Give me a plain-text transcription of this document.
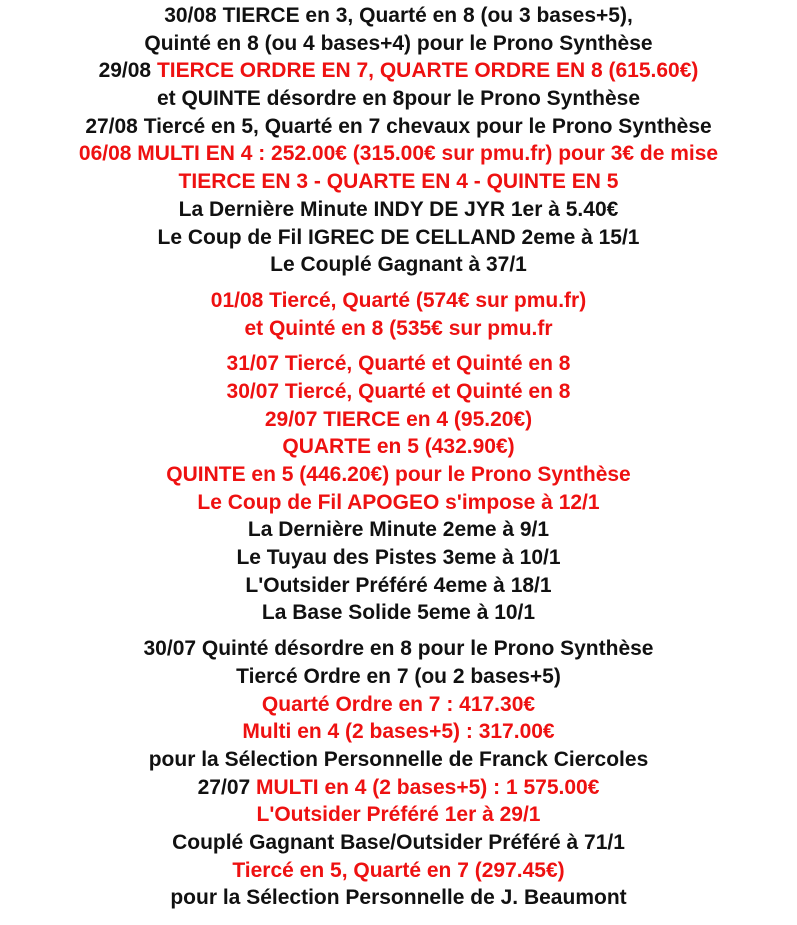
30/08 TIERCE en 3, Quarté en 8 (ou 3 bases+5),
Quinté en 8 (ou 4 bases+4) pour le Prono Synthèse
29/08 TIERCE ORDRE EN 7, QUARTE ORDRE EN 8 (615.60€)
et QUINTE désordre en 8pour le Prono Synthèse
27/08 Tiercé en 5, Quarté en 7 chevaux pour le Prono Synthèse
06/08 MULTI EN 4 : 252.00€ (315.00€ sur pmu.fr) pour 3€ de mise
TIERCE EN 3 - QUARTE EN 4 - QUINTE EN 5
La Dernière Minute INDY DE JYR 1er à 5.40€
Le Coup de Fil IGREC DE CELLAND 2eme à 15/1
Le Couplé Gagnant à 37/1
01/08 Tiercé, Quarté (574€ sur pmu.fr)
et Quinté en 8 (535€ sur pmu.fr
31/07 Tiercé, Quarté et Quinté en 8
30/07 Tiercé, Quarté et Quinté en 8
29/07 TIERCE en 4 (95.20€)
QUARTE en 5 (432.90€)
QUINTE en 5 (446.20€) pour le Prono Synthèse
Le Coup de Fil APOGEO s'impose à 12/1
La Dernière Minute 2eme à 9/1
Le Tuyau des Pistes 3eme à 10/1
L'Outsider Préféré 4eme à 18/1
La Base Solide 5eme à 10/1
30/07 Quinté désordre en 8 pour le Prono Synthèse
Tiercé Ordre en 7 (ou 2 bases+5)
Quarté Ordre en 7 : 417.30€
Multi en 4 (2 bases+5) : 317.00€
pour la Sélection Personnelle de Franck Ciercoles
27/07 MULTI en 4 (2 bases+5) : 1 575.00€
L'Outsider Préféré 1er à 29/1
Couplé Gagnant Base/Outsider Préféré à 71/1
Tiercé en 5, Quarté en 7 (297.45€)
pour la Sélection Personnelle de J. Beaumont
